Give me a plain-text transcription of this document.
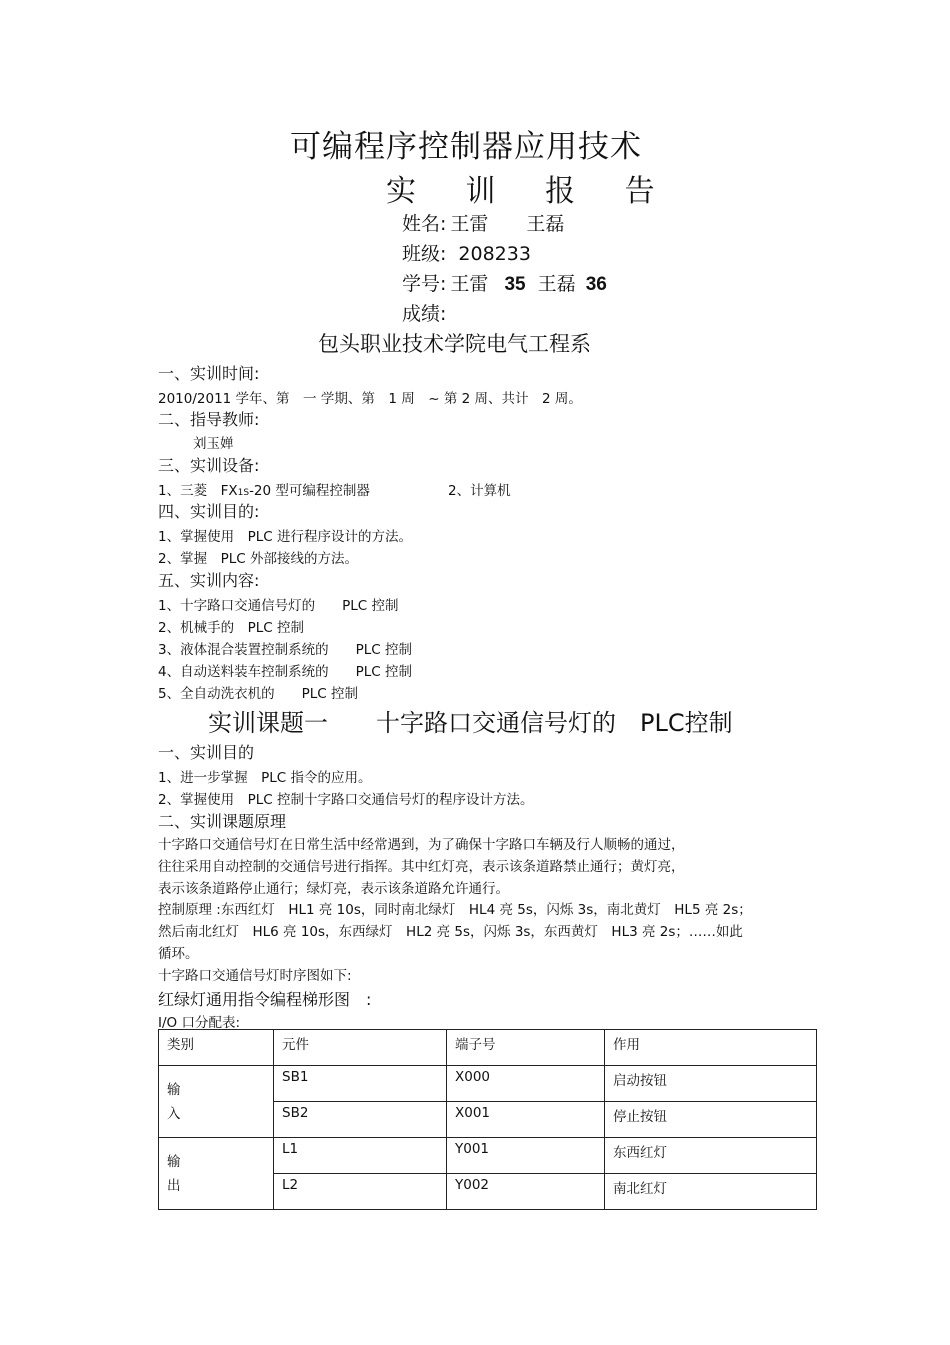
可编程序控制器应用技术
实 训 报 告
姓名: 王雷　　王磊
班级: 208233
学号: 王雷 35 王磊 36
成绩:
包头职业技术学院电气工程系
一、实训时间:
2010/2011 学年、第　一 学期、第　1 周　~ 第 2 周、共计　2 周。
二、指导教师:
刘玉婵
三、实训设备:
1、三菱　FX1S-20 型可编程控制器	2、计算机
四、实训目的:
1、掌握使用　PLC 进行程序设计的方法。
2、掌握　PLC 外部接线的方法。
五、实训内容:
1、十字路口交通信号灯的　　PLC 控制
2、机械手的　PLC 控制
3、液体混合装置控制系统的　　PLC 控制
4、自动送料装车控制系统的　　PLC 控制
5、全自动洗衣机的　　PLC 控制
实训课题一　　十字路口交通信号灯的　PLC控制
一、实训目的
1、进一步掌握　PLC 指令的应用。
2、掌握使用　PLC 控制十字路口交通信号灯的程序设计方法。
二、实训课题原理
十字路口交通信号灯在日常生活中经常遇到，为了确保十字路口车辆及行人顺畅的通过，
往往采用自动控制的交通信号进行指挥。其中红灯亮，表示该条道路禁止通行；黄灯亮，
表示该条道路停止通行；绿灯亮，表示该条道路允许通行。
控制原理 :东西红灯　HL1 亮 10s，同时南北绿灯　HL4 亮 5s，闪烁 3s，南北黄灯　HL5 亮 2s；
然后南北红灯　HL6 亮 10s，东西绿灯　HL2 亮 5s，闪烁 3s，东西黄灯　HL3 亮 2s；……如此
循环。
十字路口交通信号灯时序图如下:
红绿灯通用指令编程梯形图　:
I/O 口分配表:
类别	元件	端子号	作用
输
入	SB1	X000	启动按钮
	SB2	X001	停止按钮
输
出	L1	Y001	东西红灯
	L2	Y002	南北红灯
